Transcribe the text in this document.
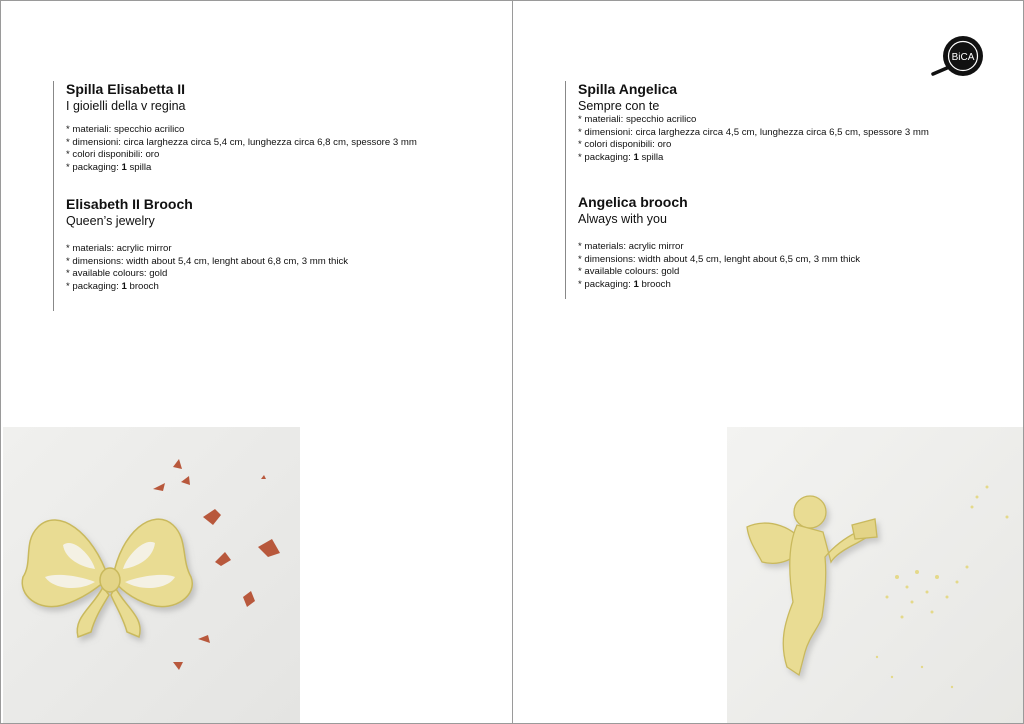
Spilla Elisabetta II
I gioielli della v regina
* materiali: specchio acrilico
* dimensioni: circa larghezza circa 5,4 cm, lunghezza circa 6,8 cm, spessore 3 mm
* colori disponibili: oro
* packaging: 1 spilla
Elisabeth II Brooch
Queen’s jewelry
* materials: acrylic mirror
* dimensions: width about 5,4 cm, lenght about 6,8 cm, 3 mm thick
* available colours: gold
* packaging: 1 brooch
Spilla Angelica
Sempre con te
* materiali: specchio acrilico
* dimensioni: circa larghezza circa 4,5 cm, lunghezza circa 6,5 cm, spessore 3 mm
* colori disponibili: oro
* packaging: 1 spilla
Angelica brooch
Always with you
* materials: acrylic mirror
* dimensions: width about 4,5 cm, lenght about 6,5 cm, 3 mm thick
* available colours: gold
* packaging: 1 brooch
BiCA
